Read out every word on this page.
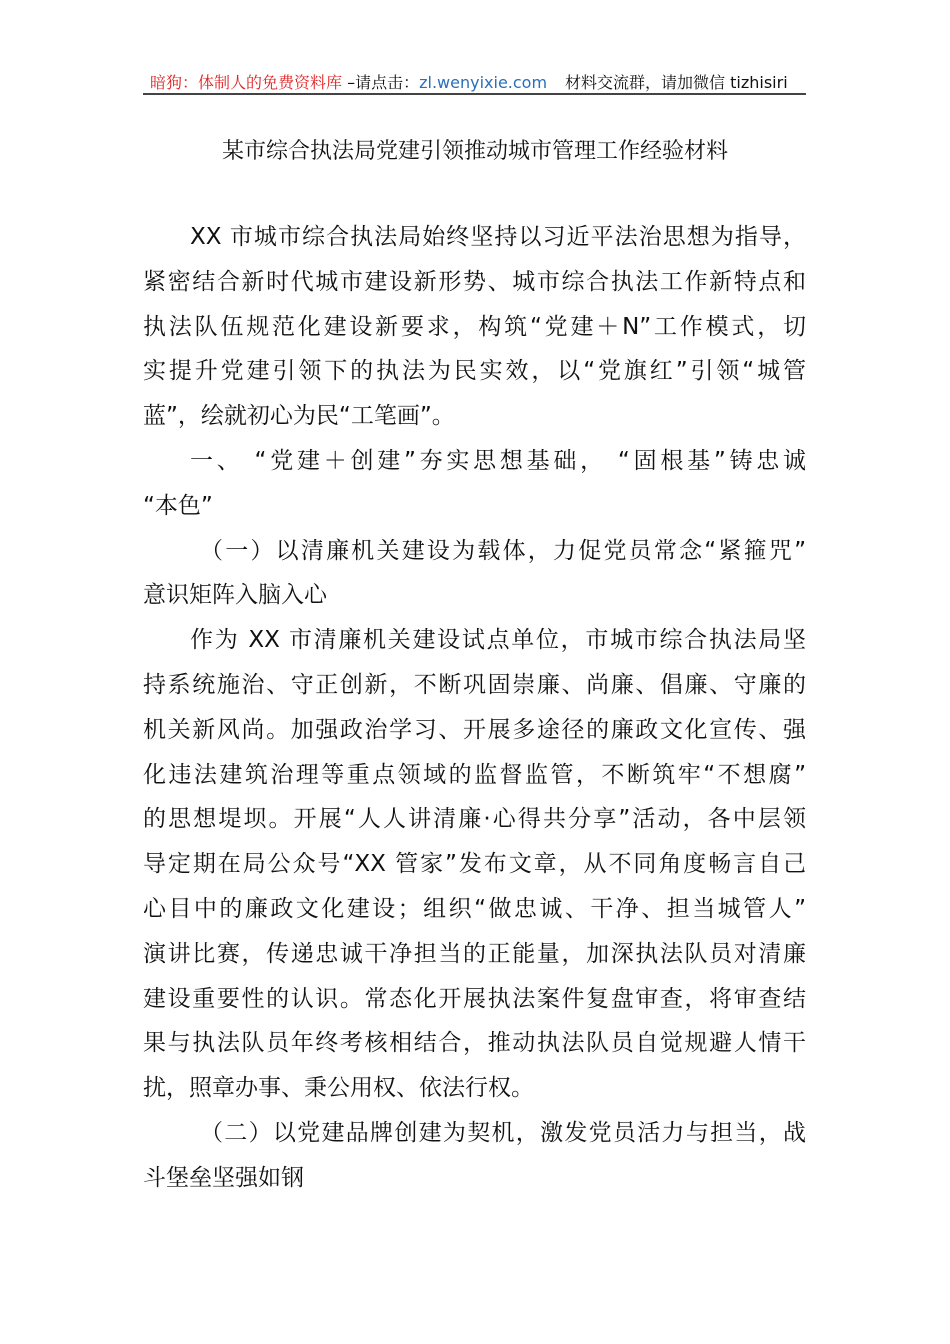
暗狗：体制人的免费资料库 –请点击：zl.wenyixie.com 材料交流群，请加微信 tizhisiri
某市综合执法局党建引领推动城市管理工作经验材料
XX 市城市综合执法局始终坚持以习近平法治思想为指导，
紧密结合新时代城市建设新形势、城市综合执法工作新特点和
执法队伍规范化建设新要求，构筑“党建＋N”工作模式，切
实提升党建引领下的执法为民实效，以“党旗红”引领“城管
蓝”，绘就初心为民“工笔画”。
一、 “党建＋创建”夯实思想基础， “固根基”铸忠诚
“本色”
（一）以清廉机关建设为载体，力促党员常念“紧箍咒”
意识矩阵入脑入心
作为 XX 市清廉机关建设试点单位，市城市综合执法局坚
持系统施治、守正创新，不断巩固崇廉、尚廉、倡廉、守廉的
机关新风尚。加强政治学习、开展多途径的廉政文化宣传、强
化违法建筑治理等重点领域的监督监管，不断筑牢“不想腐”
的思想堤坝。开展“人人讲清廉·心得共分享”活动，各中层领
导定期在局公众号“XX 管家”发布文章，从不同角度畅言自己
心目中的廉政文化建设；组织“做忠诚、干净、担当城管人”
演讲比赛，传递忠诚干净担当的正能量，加深执法队员对清廉
建设重要性的认识。常态化开展执法案件复盘审查，将审查结
果与执法队员年终考核相结合，推动执法队员自觉规避人情干
扰，照章办事、秉公用权、依法行权。
（二）以党建品牌创建为契机，激发党员活力与担当，战
斗堡垒坚强如钢
